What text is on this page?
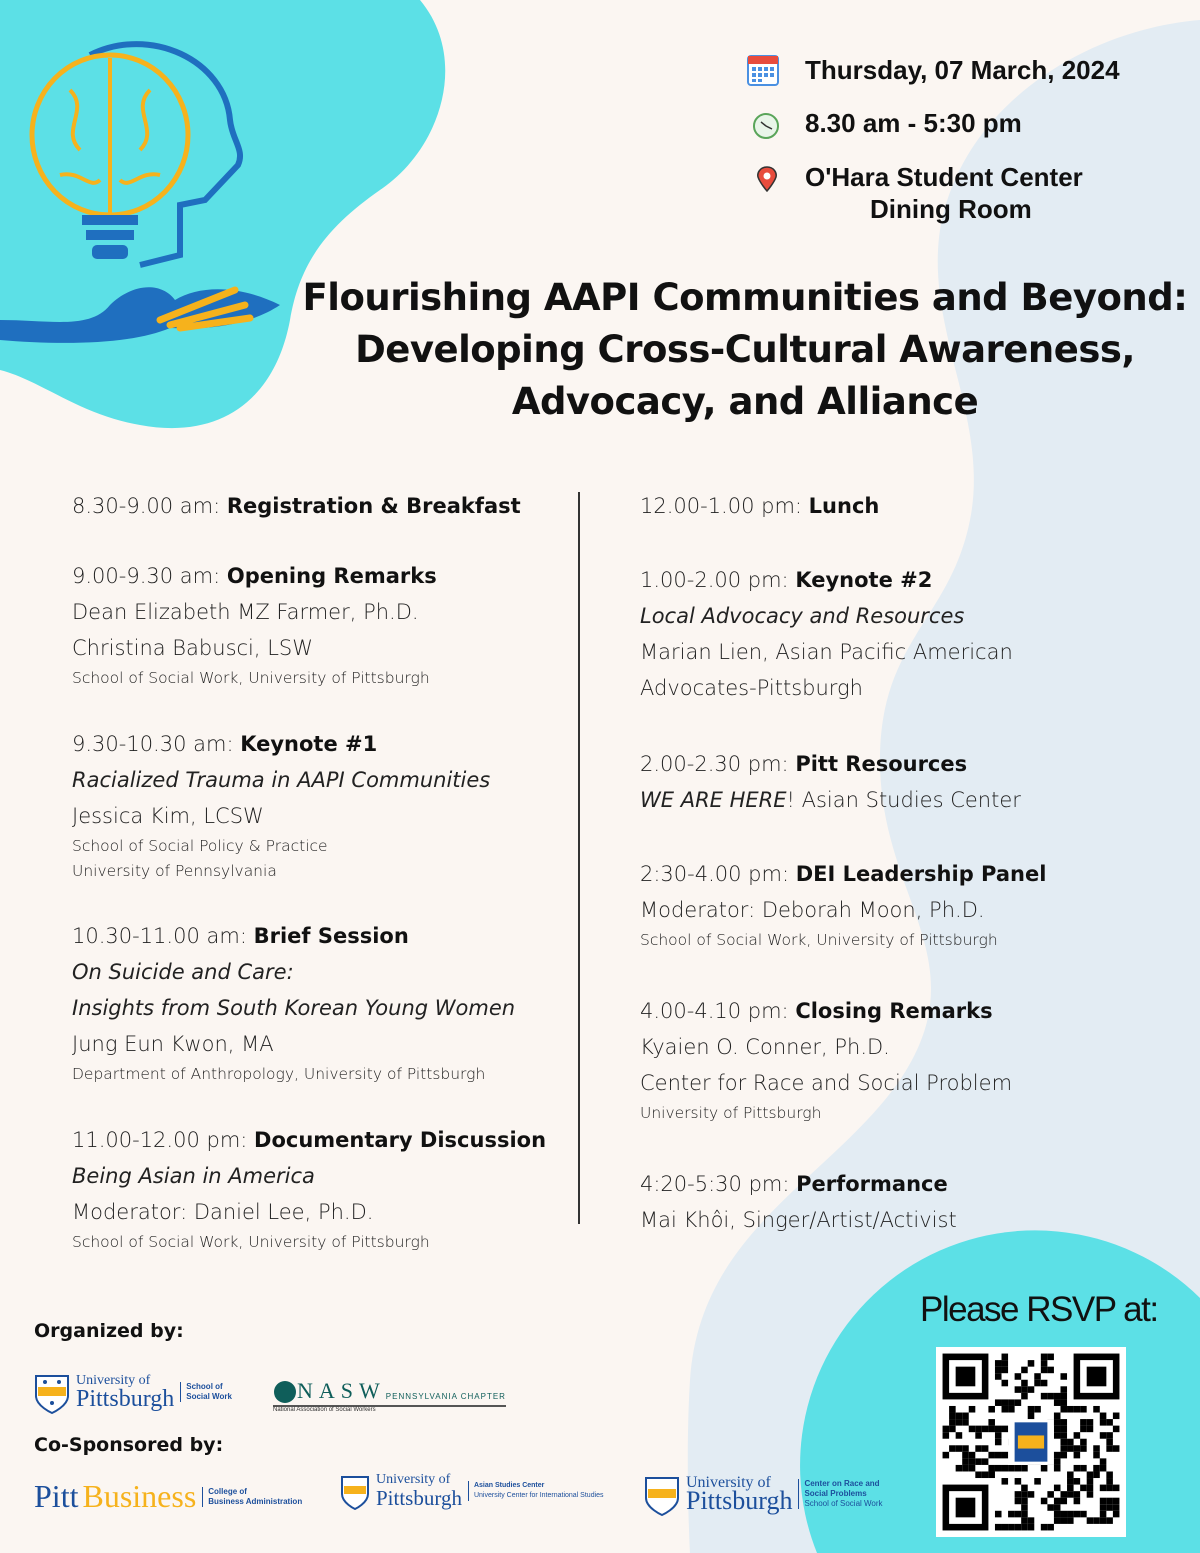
Thursday, 07 March, 2024
8.30 am - 5:30 pm
O'Hara Student Center
Dining Room
Flourishing AAPI Communities and Beyond:
Developing Cross-Cultural Awareness,
Advocacy, and Alliance
8.30-9.00 am: Registration & Breakfast
9.00-9.30 am: Opening Remarks
Dean Elizabeth MZ Farmer, Ph.D.
Christina Babusci, LSW
School of Social Work, University of Pittsburgh
9.30-10.30 am: Keynote #1
Racialized Trauma in AAPI Communities
Jessica Kim, LCSW
School of Social Policy & Practice
University of Pennsylvania
10.30-11.00 am: Brief Session
On Suicide and Care:
Insights from South Korean Young Women
Jung Eun Kwon, MA
Department of Anthropology, University of Pittsburgh
11.00-12.00 pm: Documentary Discussion
Being Asian in America
Moderator: Daniel Lee, Ph.D.
School of Social Work, University of Pittsburgh
12.00-1.00 pm: Lunch
1.00-2.00 pm: Keynote #2
Local Advocacy and Resources
Marian Lien, Asian Pacific American
Advocates-Pittsburgh
2.00-2.30 pm: Pitt Resources
WE ARE HERE! Asian Studies Center
2:30-4.00 pm: DEI Leadership Panel
Moderator: Deborah Moon, Ph.D.
School of Social Work, University of Pittsburgh
4.00-4.10 pm: Closing Remarks
Kyaien O. Conner, Ph.D.
Center for Race and Social Problem
University of Pittsburgh
4:20-5:30 pm: Performance
Mai Khôi, Singer/Artist/Activist
Organized by:
Co-Sponsored by:
University of
Pittsburgh School of
Social Work	NASW PENNSYLVANIA CHAPTER
National Association of Social Workers
Pitt Business College of
Business Administration
University of
Pittsburgh
Asian Studies Center
University Center for International Studies
University of
Pittsburgh
Center on Race and
Social Problems
School of Social Work
Please RSVP at:
